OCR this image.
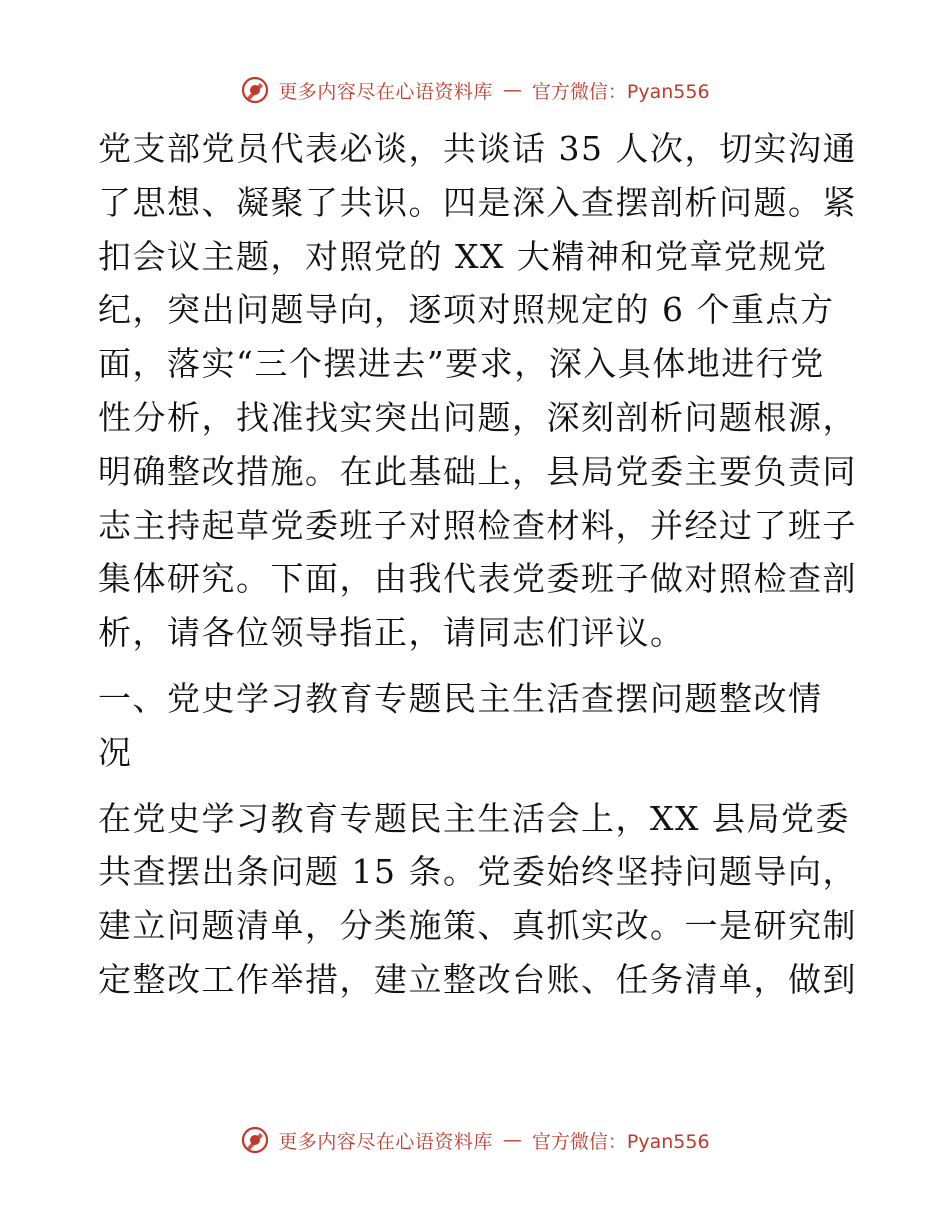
更多内容尽在心语资料库 — 官方微信：Pyan556
党支部党员代表必谈，共谈话 35 人次，切实沟通
了思想、凝聚了共识。四是深入查摆剖析问题。紧
扣会议主题，对照党的 XX 大精神和党章党规党
纪，突出问题导向，逐项对照规定的 6 个重点方
面，落实“三个摆进去”要求，深入具体地进行党
性分析，找准找实突出问题，深刻剖析问题根源，
明确整改措施。在此基础上，县局党委主要负责同
志主持起草党委班子对照检查材料，并经过了班子
集体研究。下面，由我代表党委班子做对照检查剖
析，请各位领导指正，请同志们评议。
一、党史学习教育专题民主生活查摆问题整改情
况
在党史学习教育专题民主生活会上，XX 县局党委
共查摆出条问题 15 条。党委始终坚持问题导向，
建立问题清单，分类施策、真抓实改。一是研究制
定整改工作举措，建立整改台账、任务清单，做到
更多内容尽在心语资料库 — 官方微信：Pyan556
